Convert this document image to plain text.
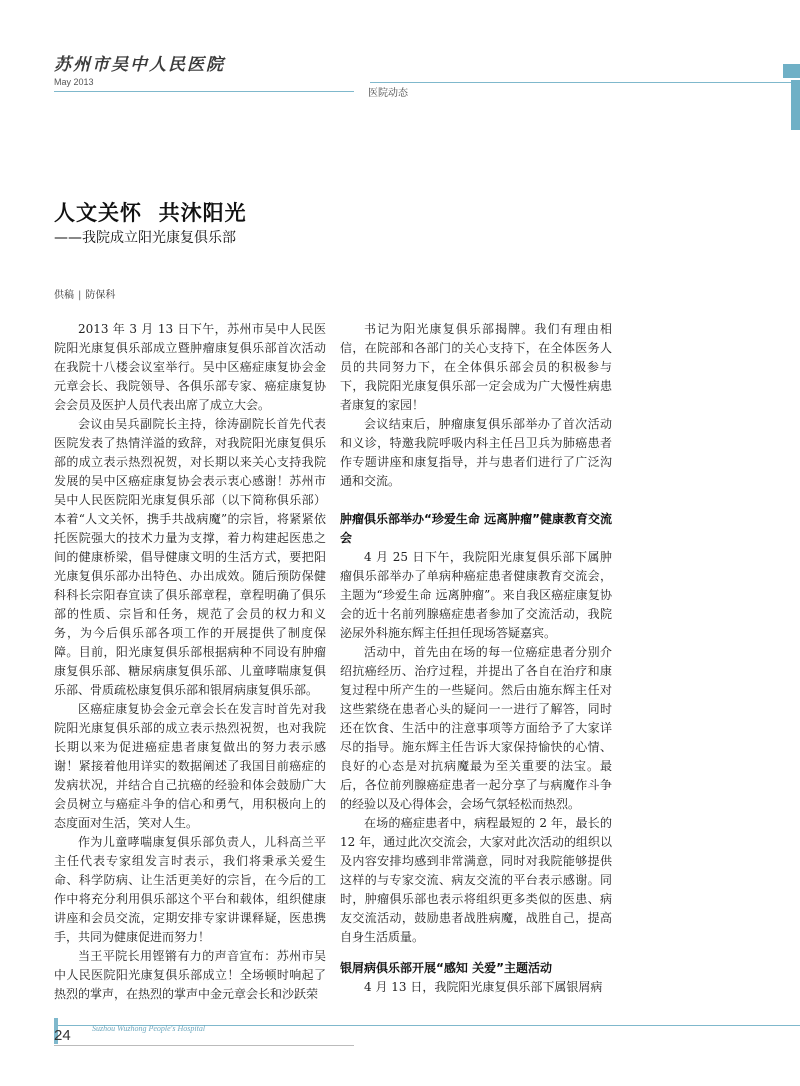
苏州市吴中人民医院
May 2013
医院动态
人文关怀  共沐阳光
——我院成立阳光康复俱乐部
供稿 | 防保科

2013 年 3 月 13 日下午，苏州市吴中人民医院阳光康复俱乐部成立暨肿瘤康复俱乐部首次活动在我院十八楼会议室举行。吴中区癌症康复协会金元章会长、我院领导、各俱乐部专家、癌症康复协会会员及医护人员代表出席了成立大会。

会议由吴兵副院长主持，徐涛副院长首先代表医院发表了热情洋溢的致辞，对我院阳光康复俱乐部的成立表示热烈祝贺，对长期以来关心支持我院发展的吴中区癌症康复协会表示衷心感谢！苏州市吴中人民医院阳光康复俱乐部（以下简称俱乐部）本着“人文关怀，携手共战病魔”的宗旨，将紧紧依托医院强大的技术力量为支撑，着力构建起医患之间的健康桥梁，倡导健康文明的生活方式，要把阳光康复俱乐部办出特色、办出成效。随后预防保健科科长宗阳春宣读了俱乐部章程，章程明确了俱乐部的性质、宗旨和任务，规范了会员的权力和义务，为今后俱乐部各项工作的开展提供了制度保障。目前，阳光康复俱乐部根据病种不同设有肿瘤康复俱乐部、糖尿病康复俱乐部、儿童哮喘康复俱乐部、骨质疏松康复俱乐部和银屑病康复俱乐部。

区癌症康复协会金元章会长在发言时首先对我院阳光康复俱乐部的成立表示热烈祝贺，也对我院长期以来为促进癌症患者康复做出的努力表示感谢！紧接着他用详实的数据阐述了我国目前癌症的发病状况，并结合自己抗癌的经验和体会鼓励广大会员树立与癌症斗争的信心和勇气，用积极向上的态度面对生活，笑对人生。

作为儿童哮喘康复俱乐部负责人，儿科高兰平主任代表专家组发言时表示，我们将秉承关爱生命、科学防病、让生活更美好的宗旨，在今后的工作中将充分利用俱乐部这个平台和载体，组织健康讲座和会员交流，定期安排专家讲课释疑，医患携手，共同为健康促进而努力！

当王平院长用铿锵有力的声音宣布：苏州市吴中人民医院阳光康复俱乐部成立！全场顿时响起了热烈的掌声，在热烈的掌声中金元章会长和沙跃荣

书记为阳光康复俱乐部揭牌。我们有理由相信，在院部和各部门的关心支持下，在全体医务人员的共同努力下，在全体俱乐部会员的积极参与下，我院阳光康复俱乐部一定会成为广大慢性病患者康复的家园！

会议结束后，肿瘤康复俱乐部举办了首次活动和义诊，特邀我院呼吸内科主任吕卫兵为肺癌患者作专题讲座和康复指导，并与患者们进行了广泛沟通和交流。

肿瘤俱乐部举办“珍爱生命 远离肿瘤”健康教育交流会

4 月 25 日下午，我院阳光康复俱乐部下属肿瘤俱乐部举办了单病种癌症患者健康教育交流会，主题为“珍爱生命 远离肿瘤”。来自我区癌症康复协会的近十名前列腺癌症患者参加了交流活动，我院泌尿外科施东辉主任担任现场答疑嘉宾。

活动中，首先由在场的每一位癌症患者分别介绍抗癌经历、治疗过程，并提出了各自在治疗和康复过程中所产生的一些疑问。然后由施东辉主任对这些萦绕在患者心头的疑问一一进行了解答，同时还在饮食、生活中的注意事项等方面给予了大家详尽的指导。施东辉主任告诉大家保持愉快的心情、良好的心态是对抗病魔最为至关重要的法宝。最后，各位前列腺癌症患者一起分享了与病魔作斗争的经验以及心得体会，会场气氛轻松而热烈。

在场的癌症患者中，病程最短的 2 年，最长的 12 年，通过此次交流会，大家对此次活动的组织以及内容安排均感到非常满意，同时对我院能够提供这样的与专家交流、病友交流的平台表示感谢。同时，肿瘤俱乐部也表示将组织更多类似的医患、病友交流活动，鼓励患者战胜病魔，战胜自己，提高自身生活质量。

银屑病俱乐部开展“感知 关爱”主题活动

4 月 13 日，我院阳光康复俱乐部下属银屑病

24	Suzhou Wuzhong People's Hospital
